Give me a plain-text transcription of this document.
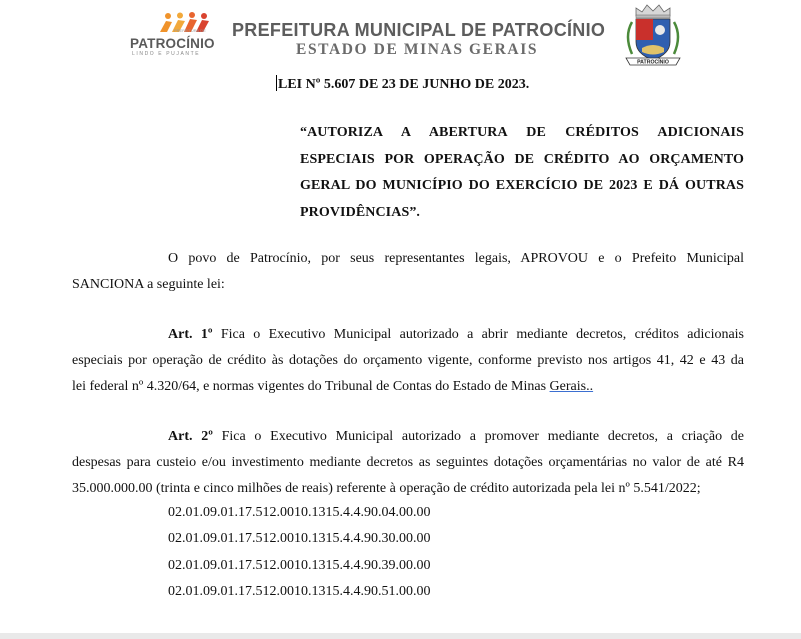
PREFEITURA DE
PATROCÍNIO
LINDO E PUJANTE
PREFEITURA MUNICIPAL DE PATROCÍNIO
ESTADO DE MINAS GERAIS
PATROCÍNIO
LEI Nº 5.607 DE 23 DE JUNHO DE 2023.
“AUTORIZA A ABERTURA DE CRÉDITOS ADICIONAIS
ESPECIAIS POR OPERAÇÃO DE CRÉDITO AO ORÇAMENTO
GERAL DO MUNICÍPIO DO EXERCÍCIO DE 2023 E DÁ OUTRAS
PROVIDÊNCIAS”.
O povo de Patrocínio, por seus representantes legais, APROVOU e o Prefeito Municipal
SANCIONA a seguinte lei:
Art. 1º Fica o Executivo Municipal autorizado a abrir mediante decretos, créditos adicionais
especiais por operação de crédito às dotações do orçamento vigente, conforme previsto nos artigos 41, 42 e 43 da
lei federal nº 4.320/64, e normas vigentes do Tribunal de Contas do Estado de Minas Gerais..
Art. 2º Fica o Executivo Municipal autorizado a promover mediante decretos, a criação de
despesas para custeio e/ou investimento mediante decretos as seguintes dotações orçamentárias no valor de até R4
35.000.000.00 (trinta e cinco milhões de reais) referente à operação de crédito autorizada pela lei nº 5.541/2022;
02.01.09.01.17.512.0010.1315.4.4.90.04.00.00
02.01.09.01.17.512.0010.1315.4.4.90.30.00.00
02.01.09.01.17.512.0010.1315.4.4.90.39.00.00
02.01.09.01.17.512.0010.1315.4.4.90.51.00.00
